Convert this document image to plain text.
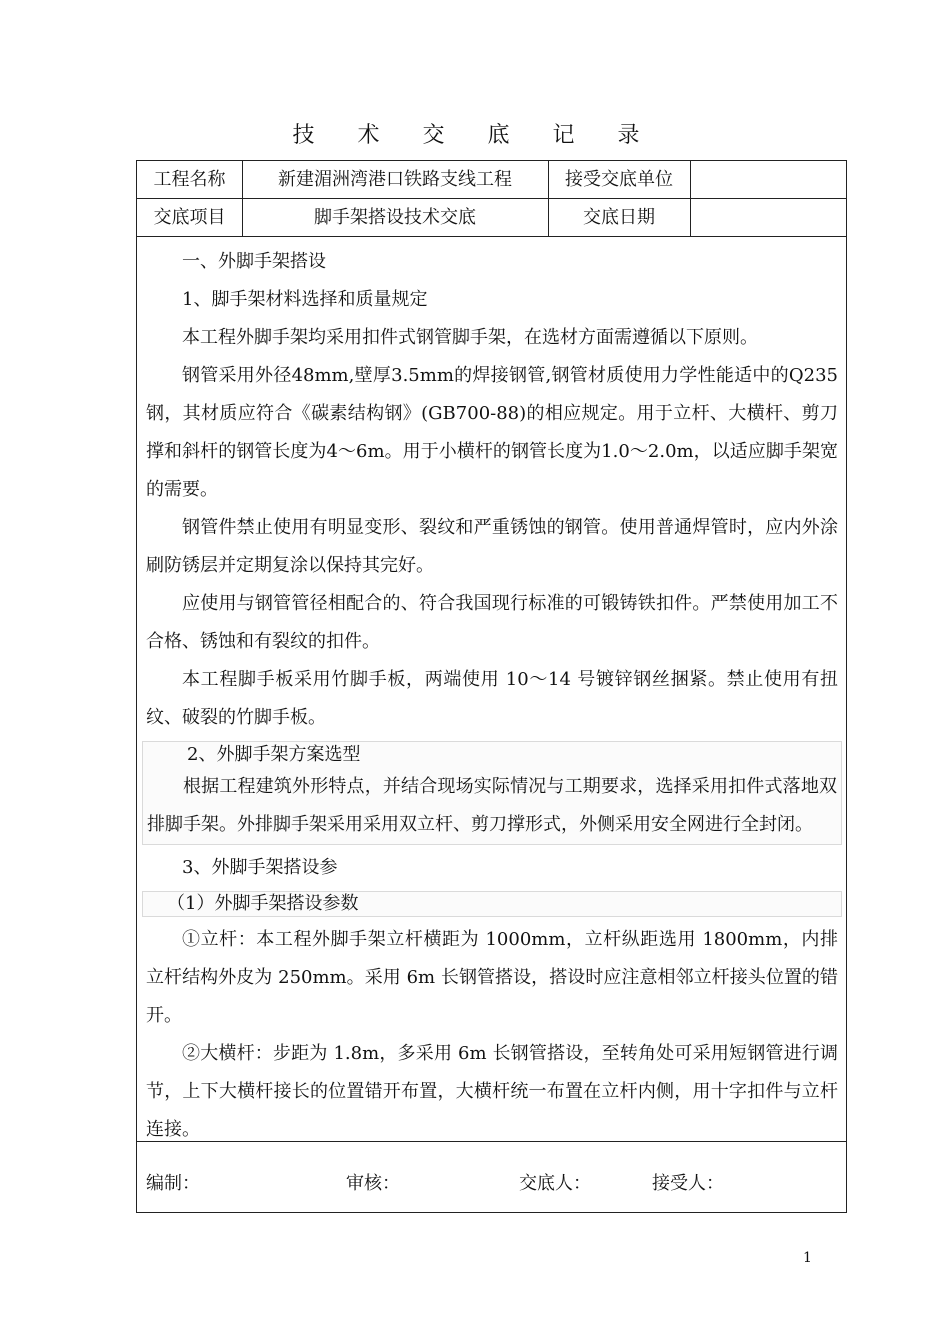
技 术 交 底 记 录
工程名称	新建湄洲湾港口铁路支线工程	接受交底单位
交底项目	脚手架搭设技术交底	交底日期

一、外脚手架搭设

1、脚手架材料选择和质量规定

本工程外脚手架均采用扣件式钢管脚手架，在选材方面需遵循以下原则。

钢管采用外径48mm,壁厚3.5mm的焊接钢管,钢管材质使用力学性能适中的Q235钢，其材质应符合《碳素结构钢》(GB700-88)的相应规定。用于立杆、大横杆、剪刀撑和斜杆的钢管长度为4～6m。用于小横杆的钢管长度为1.0～2.0m，以适应脚手架宽的需要。

钢管件禁止使用有明显变形、裂纹和严重锈蚀的钢管。使用普通焊管时，应内外涂刷防锈层并定期复涂以保持其完好。

应使用与钢管管径相配合的、符合我国现行标准的可锻铸铁扣件。严禁使用加工不合格、锈蚀和有裂纹的扣件。

本工程脚手板采用竹脚手板，两端使用 10～14 号镀锌钢丝捆紧。禁止使用有扭纹、破裂的竹脚手板。

2、外脚手架方案选型

根据工程建筑外形特点，并结合现场实际情况与工期要求，选择采用扣件式落地双排脚手架。外排脚手架采用采用双立杆、剪刀撑形式，外侧采用安全网进行全封闭。

3、外脚手架搭设参

（1）外脚手架搭设参数

①立杆：本工程外脚手架立杆横距为 1000mm，立杆纵距选用 1800mm，内排立杆结构外皮为 250mm。采用 6m 长钢管搭设，搭设时应注意相邻立杆接头位置的错开。

②大横杆：步距为 1.8m，多采用 6m 长钢管搭设，至转角处可采用短钢管进行调节，上下大横杆接长的位置错开布置，大横杆统一布置在立杆内侧，用十字扣件与立杆连接。

编制：	审核：	交底人：	接受人：
1
